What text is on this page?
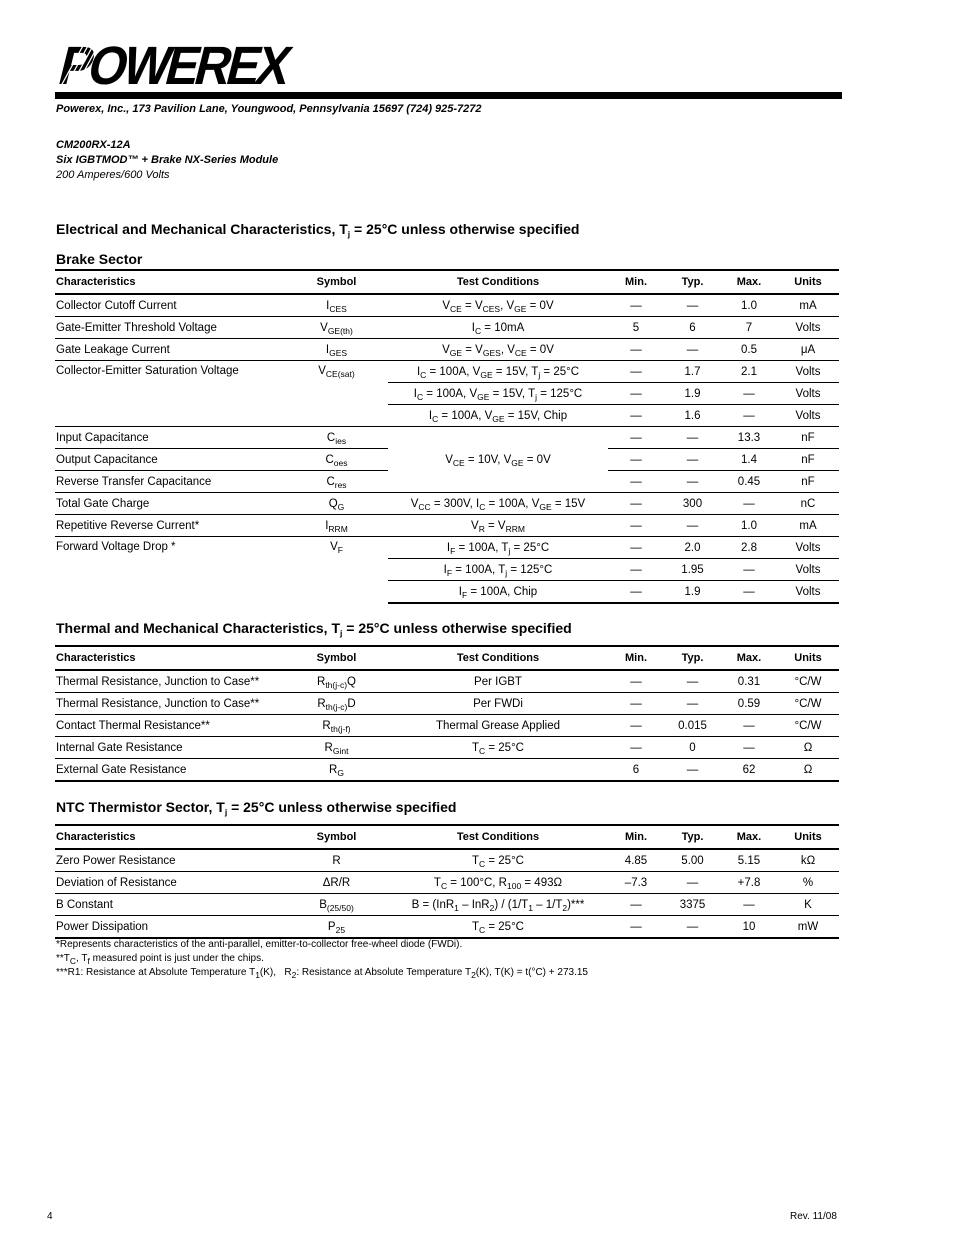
POWEREX
Powerex, Inc., 173 Pavilion Lane, Youngwood, Pennsylvania 15697 (724) 925-7272
CM200RX-12A
Six IGBTMOD™ + Brake NX-Series Module
200 Amperes/600 Volts
Electrical and Mechanical Characteristics, $T_j = 25^\circ C$ unless otherwise specified
Brake Sector
Characteristics	Symbol	Test Conditions	Min.	Typ.	Max.	Units
Collector Cutoff Current	$I_{CES}$	$V_{CE} = V_{CES}$, $V_{GE} = 0V$	—	—	1.0	mA
Gate-Emitter Threshold Voltage	$V_{GE(th)}$	$I_C = 10mA$	5	6	7	Volts
Gate Leakage Current	$I_{GES}$	$V_{GE} = V_{GES}$, $V_{CE} = 0V$	—	—	0.5	μA
Collector-Emitter Saturation Voltage	$V_{CE(sat)}$	$I_C = 100A$, $V_{GE} = 15V$, $T_j = 25^\circ C$	—	1.7	2.1	Volts
		$I_C = 100A$, $V_{GE} = 15V$, $T_j = 125^\circ C$	—	1.9	—	Volts
		$I_C = 100A$, $V_{GE} = 15V$, Chip	—	1.6	—	Volts
Input Capacitance	$C_{ies}$	$V_{CE} = 10V$, $V_{GE} = 0V$	—	—	13.3	nF
Output Capacitance	$C_{oes}$		—	—	1.4	nF
Reverse Transfer Capacitance	$C_{res}$		—	—	0.45	nF
Total Gate Charge	$Q_G$	$V_{CC} = 300V$, $I_C = 100A$, $V_{GE} = 15V$	—	300	—	nC
Repetitive Reverse Current*	$I_{RRM}$	$V_R = V_{RRM}$	—	—	1.0	mA
Forward Voltage Drop *	$V_F$	$I_F = 100A$, $T_j = 25^\circ C$	—	2.0	2.8	Volts
		$I_F = 100A$, $T_j = 125^\circ C$	—	1.95	—	Volts
		$I_F = 100A$, Chip	—	1.9	—	Volts
Thermal and Mechanical Characteristics, $T_j = 25^\circ C$ unless otherwise specified
Characteristics	Symbol	Test Conditions	Min.	Typ.	Max.	Units
Thermal Resistance, Junction to Case**	$R_{th(j-c)}Q$	Per IGBT	—	—	0.31	°C/W
Thermal Resistance, Junction to Case**	$R_{th(j-c)}D$	Per FWDi	—	—	0.59	°C/W
Contact Thermal Resistance**	$R_{th(j-f)}$	Thermal Grease Applied	—	0.015	—	°C/W
Internal Gate Resistance	$R_{Gint}$	$T_C = 25^\circ C$	—	0	—	Ω
External Gate Resistance	$R_G$		6	—	62	Ω
NTC Thermistor Sector, $T_j = 25^\circ C$ unless otherwise specified
Characteristics	Symbol	Test Conditions	Min.	Typ.	Max.	Units
Zero Power Resistance	R	$T_C = 25^\circ C$	4.85	5.00	5.15	kΩ
Deviation of Resistance	ΔR/R	$T_C = 100^\circ C$, $R_{100} = 493\Omega$	–7.3	—	+7.8	%
B Constant	$B_{(25/50)}$	$B = (InR_1 - InR_2) / (1/T_1 - 1/T_2)***$	—	3375	—	K
Power Dissipation	$P_{25}$	$T_C = 25^\circ C$	—	—	10	mW
*Represents characteristics of the anti-parallel, emitter-to-collector free-wheel diode (FWDi).
$**T_C$, $T_f$ measured point is just under the chips.
***R1: Resistance at Absolute Temperature $T_1(K)$,   $R_2$: Resistance at Absolute Temperature $T_2(K)$, T(K) = t(°C) + 273.15
4	Rev. 11/08
